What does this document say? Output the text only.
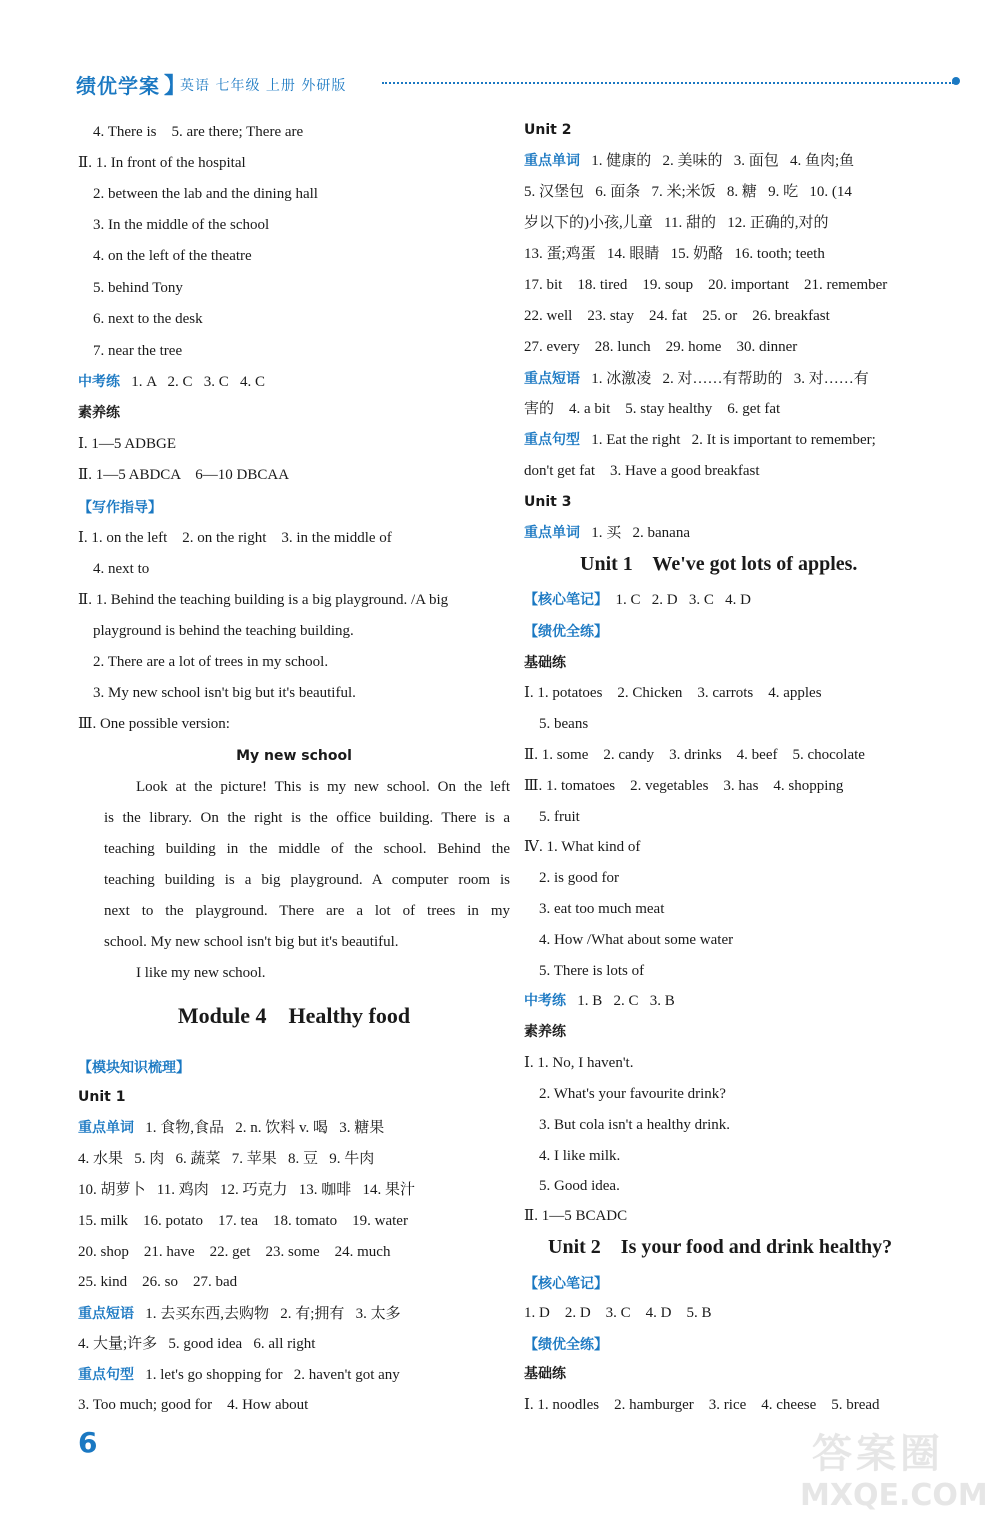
绩优学案 】
英语 七年级 上册 外研版
4. There is    5. are there; There are
Ⅱ. 1. In front of the hospital
2. between the lab and the dining hall
3. In the middle of the school
4. on the left of the theatre
5. behind Tony
6. next to the desk
7. near the tree
中考练   1. A   2. C   3. C   4. C
素养练
Ⅰ. 1—5 ADBGE
Ⅱ. 1—5 ABDCA    6—10 DBCAA
【写作指导】
Ⅰ. 1. on the left    2. on the right    3. in the middle of
4. next to
Ⅱ. 1. Behind the teaching building is a big playground. /A big
playground is behind the teaching building.
2. There are a lot of trees in my school.
3. My new school isn't big but it's beautiful.
Ⅲ. One possible version:
My new school
Look at the picture! This is my new school. On the left
is the library. On the right is the office building. There is a
teaching building in the middle of the school. Behind the
teaching building is a big playground. A computer room is
next to the playground. There are a lot of trees in my
school. My new school isn't big but it's beautiful.
I like my new school.
Module 4    Healthy food
【模块知识梳理】
Unit 1
重点单词   1. 食物,食品   2. n. 饮料 v. 喝   3. 糖果
4. 水果   5. 肉   6. 蔬菜   7. 苹果   8. 豆   9. 牛肉
10. 胡萝卜   11. 鸡肉   12. 巧克力   13. 咖啡   14. 果汁
15. milk    16. potato    17. tea    18. tomato    19. water
20. shop    21. have    22. get    23. some    24. much
25. kind    26. so    27. bad
重点短语   1. 去买东西,去购物   2. 有;拥有   3. 太多
4. 大量;许多   5. good idea   6. all right
重点句型   1. let's go shopping for   2. haven't got any
3. Too much; good for    4. How about
Unit 2
重点单词   1. 健康的   2. 美味的   3. 面包   4. 鱼肉;鱼
5. 汉堡包   6. 面条   7. 米;米饭   8. 糖   9. 吃   10. (14
岁以下的)小孩,儿童   11. 甜的   12. 正确的,对的
13. 蛋;鸡蛋   14. 眼睛   15. 奶酪   16. tooth; teeth
17. bit    18. tired    19. soup    20. important    21. remember
22. well    23. stay    24. fat    25. or    26. breakfast
27. every    28. lunch    29. home    30. dinner
重点短语   1. 冰激凌   2. 对……有帮助的   3. 对……有
害的    4. a bit    5. stay healthy    6. get fat
重点句型   1. Eat the right   2. It is important to remember;
don't get fat    3. Have a good breakfast
Unit 3
重点单词   1. 买   2. banana
Unit 1    We've got lots of apples.
【核心笔记】  1. C   2. D   3. C   4. D
【绩优全练】
基础练
Ⅰ. 1. potatoes    2. Chicken    3. carrots    4. apples
5. beans
Ⅱ. 1. some    2. candy    3. drinks    4. beef    5. chocolate
Ⅲ. 1. tomatoes    2. vegetables    3. has    4. shopping
5. fruit
Ⅳ. 1. What kind of
2. is good for
3. eat too much meat
4. How /What about some water
5. There is lots of
中考练   1. B   2. C   3. B
素养练
Ⅰ. 1. No, I haven't.
2. What's your favourite drink?
3. But cola isn't a healthy drink.
4. I like milk.
5. Good idea.
Ⅱ. 1—5 BCADC
Unit 2    Is your food and drink healthy?
【核心笔记】
1. D    2. D    3. C    4. D    5. B
【绩优全练】
基础练
Ⅰ. 1. noodles    2. hamburger    3. rice    4. cheese    5. bread
6	答案圈
MXQE.COM
